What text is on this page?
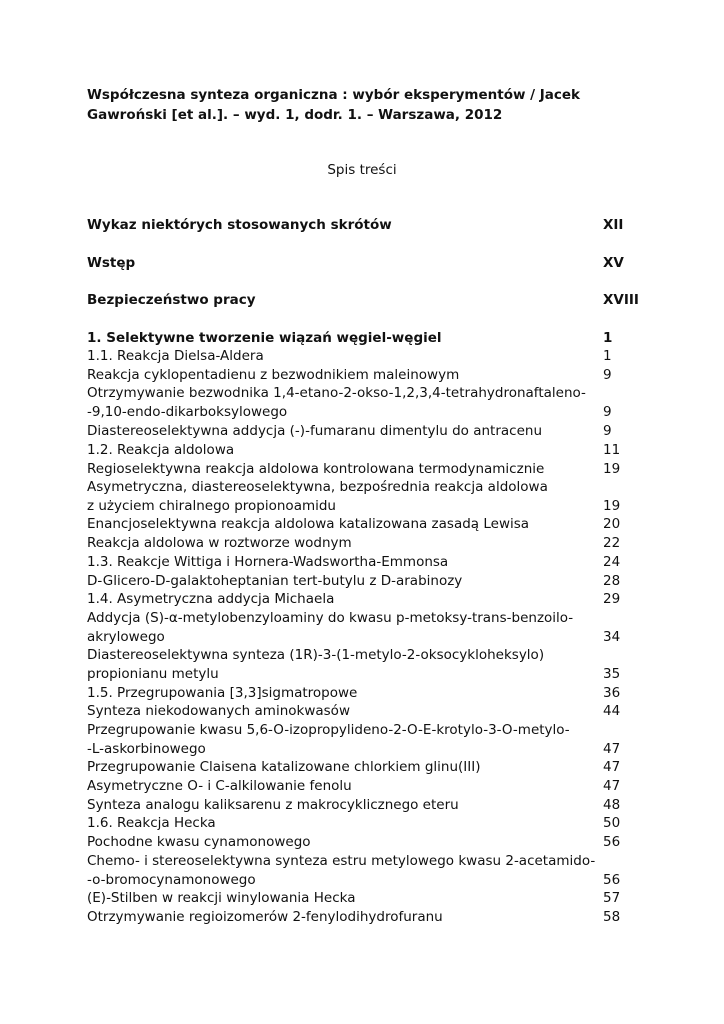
Współczesna synteza organiczna : wybór eksperymentów / Jacek Gawroński [et al.]. – wyd. 1, dodr. 1. – Warszawa, 2012
Spis treści
Wykaz niektórych stosowanych skrótów	XII
Wstęp	XV
Bezpieczeństwo pracy	XVIII
1. Selektywne tworzenie wiązań węgiel-węgiel	1
1.1. Reakcja Dielsa-Aldera	1
Reakcja cyklopentadienu z bezwodnikiem maleinowym	9
Otrzymywanie bezwodnika 1,4-etano-2-okso-1,2,3,4-tetrahydronaftaleno-
-9,10-endo-dikarboksylowego	9
Diastereoselektywna addycja (-)-fumaranu dimentylu do antracenu	9
1.2. Reakcja aldolowa	11
Regioselektywna reakcja aldolowa kontrolowana termodynamicznie	19
Asymetryczna, diastereoselektywna, bezpośrednia reakcja aldolowa
z użyciem chiralnego propionoamidu	19
Enancjoselektywna reakcja aldolowa katalizowana zasadą Lewisa	20
Reakcja aldolowa w roztworze wodnym	22
1.3. Reakcje Wittiga i Hornera-Wadswortha-Emmonsa	24
D-Glicero-D-galaktoheptanian tert-butylu z D-arabinozy	28
1.4. Asymetryczna addycja Michaela	29
Addycja (S)-α-metylobenzyloaminy do kwasu p-metoksy-trans-benzoilo-
akrylowego	34
Diastereoselektywna synteza (1R)-3-(1-metylo-2-oksocykloheksylo)
propionianu metylu	35
1.5. Przegrupowania [3,3]sigmatropowe	36
Synteza niekodowanych aminokwasów	44
Przegrupowanie kwasu 5,6-O-izopropylideno-2-O-E-krotylo-3-O-metylo-
-L-askorbinowego	47
Przegrupowanie Claisena katalizowane chlorkiem glinu(III)	47
Asymetryczne O- i C-alkilowanie fenolu	47
Synteza analogu kaliksarenu z makrocyklicznego eteru	48
1.6. Reakcja Hecka	50
Pochodne kwasu cynamonowego	56
Chemo- i stereoselektywna synteza estru metylowego kwasu 2-acetamido-
-o-bromocynamonowego	56
(E)-Stilben w reakcji winylowania Hecka	57
Otrzymywanie regioizomerów 2-fenylodihydrofuranu	58
